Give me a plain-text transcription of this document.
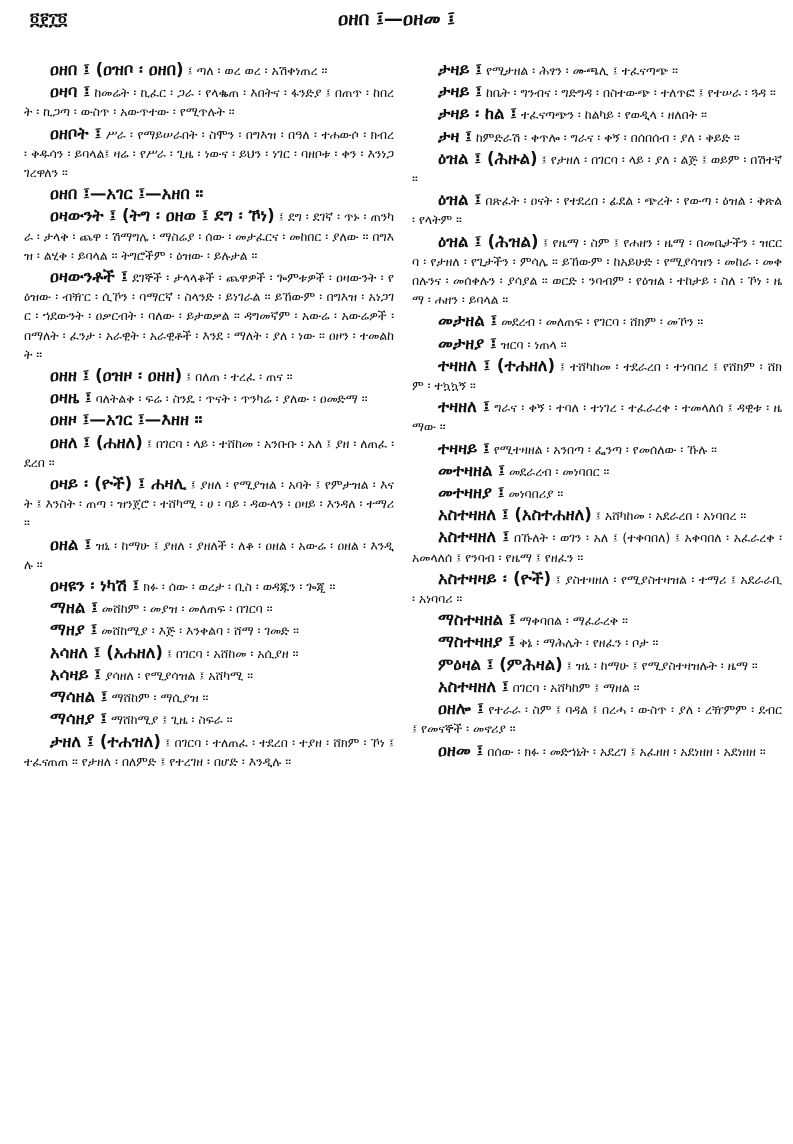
፬፻፲፬	ዐዘበ ፤—ዐዘመ ፤
ዐዘበ ፤ (ዐዝቦ ፡ ዐዘበ) ፤ ጣለ ፡ ወረ ወረ ፡ አሽቀነጠረ ።
ዐዛባ ፤ ከመሬት ፡ ኪፈር ፡ ጋራ ፡ የላቈጠ ፡ እበትና ፡ ፋንድያ ፤ በጠጥ ፡ ከበረት ፡ ኪጋጣ ፡ ውስጥ ፡ አውጥተው ፡ የሚጥሉት ።
ዐዘቦት ፤ ሥራ ፡ የማይሠራበት ፡ ስሞን ፡ በግእዝ ፡ በዓለ ፡ ተሐውሶ ፡ ክብረ ፡ ቅዱሳን ፡ ይባላል፤ ዛሬ ፡ የሥራ ፡ ጊዜ ፡ ነውና ፡ ይህን ፡ ነገር ፡ ባዘቦቱ ፡ ቀን ፡ እንነጋገረዋለን ።
ዐዘበ ፤—አገር ፤—አዘበ ።
ዐዛውንት ፤ (ትግ ፡ ዐዘወ ፤ ደግ ፡ ኾነ) ፤ ደግ ፡ ደገኛ ፡ ጥኑ ፡ ጠንካራ ፡ ታላቅ ፡ ጨዋ ፡ ሽማግሌ ፡ ማስሬያ ፡ ሰው ፡ መታፈርና ፡ መከበር ፡ ያለው ። በግእዝ ፡ ልሂቅ ፡ ይባላል ። ትግሮችም ፡ ዕዝው ፡ ይሉታል ።
ዐዛውንቶች ፤ ደገኞች ፡ ታላላቆች ፡ ጨዋዎች ፡ ጐምቱዎች ፡ ዐዛውንት ፡ የዕዝው ፡ ብዥር ፡ ሲኾን ፡ ባማርኛ ፡ ስላንድ ፡ ይነገራል ። ይኸውም ፡ በግእዝ ፡ አነጋገር ፡ ኀደውንት ፡ ዐቃርብት ፡ ባለው ፡ ይታወቃል ። ዳግመኛም ፡ አውሬ ፡ አውሬዎች ፡ በማለት ፡ ፈንታ ፡ አራዊት ፡ አራዊቶች ፡ እንደ ፡ ማለት ፡ ያለ ፡ ነው ። ዐዞን ፡ ተመልከት ።
ዐዘዘ ፤ (ዐዝዞ ፡ ዐዘዘ) ፤ በለጠ ፡ ተረፈ ፡ ጠና ።
ዐዛዜ ፤ ባለትልቅ ፡ ፍሬ ፡ ስንዴ ፡ ጥናት ፡ ጥንካሬ ፡ ያለው ፡ ዐመድማ ።
ዐዘዞ ፤—አገር ፤—እዘዘ ።
ዐዘለ ፤ (ሐዘለ) ፤ በገርባ ፡ ላይ ፡ ተሸከመ ፡ አንቡቡ ፡ አለ ፤ ያዘ ፡ ለጠፈ ፡ ደረበ ።
ዐዛይ ፡ (ዮች) ፤ ሐዛሊ ፤ ያዘለ ፡ የሚያዝል ፡ አባት ፤ የምታዝል ፡ እናት ፤ እንስት ፡ ጠጣ ፡ ዝንጀሮ ፡ ተሸካሚ ፡ ሀ ፡ ባይ ፡ ዳውላን ፡ ዐዛይ ፡ እንዳለ ፡ ተማሪ ።
ዐዘል ፤ ዝኒ ፡ ከማሁ ፤ ያዘለ ፡ ያዘለች ፡ ለቆ ፡ ዐዘል ፡ አውሬ ፡ ዐዘል ፡ እንዲሉ ።
ዐዛዩን ፡ ነካሽ ፤ ክፉ ፡ ሰው ፡ ወረታ ፡ ቢስ ፡ ወዳጁን ፡ ጐጂ ።
ማዘል ፤ መሸከም ፡ መያዝ ፡ መለጠፍ ፡ በገርባ ።
ማዘያ ፤ መሸከሚያ ፡ እጅ ፡ እንቀልባ ፡ ሸማ ፡ ገመድ ።
አሳዘለ ፤ (አሐዘለ) ፤ በገርባ ፡ አሸከመ ፡ አሲያዘ ።
አሳዛይ ፤ ያሳዘለ ፡ የሚያሳዝል ፤ አሸካሚ ።
ማሳዘል ፤ ማሸከም ፡ ማሲያዝ ።
ማሳዘያ ፤ ማሸከሚያ ፤ ጊዜ ፡ ስፍራ ።
ታዘለ ፤ (ተሐዝለ) ፤ በገርባ ፡ ተለጠፈ ፡ ተደረበ ፡ ተያዘ ፡ ሸክም ፡ ኾነ ፤ ተፈናጠጠ ። የታዘለ ፡ በለምድ ፤ የተረገዘ ፡ በሆድ ፡ እንዲሉ ።
ታዛይ ፤ የሚታዘል ፡ ሕፃን ፡ ሙጫሊ ፤ ተፈናጣጭ ።
ታዛይ ፤ ከቤት ፡ ግንብና ፡ ግድግዳ ፡ በስተውጭ ፡ ተለጥፎ ፤ የተሠራ ፡ ጓዳ ።
ታዛይ ፡ ከል ፤ ተፈናጣጭን ፡ ከልካይ ፡ የወዲላ ፡ ዘለበት ።
ታዛ ፤ ከምድራሽ ፡ ቀጥሎ ፡ ግራና ፡ ቀኝ ፡ በሰበሰብ ፡ ያለ ፡ ቅይድ ።
ዕዝል ፤ (ሕዙል) ፤ የታዘለ ፡ በገርባ ፡ ላይ ፡ ያለ ፡ ልጅ ፤ ወይም ፡ በሽተኛ ።
ዕዝል ፤ በጽፈት ፡ ዐናት ፡ የተደረበ ፡ ፊደል ፡ ጭረት ፡ የውጣ ፡ ዕዝል ፡ ቅጽል ፡ የላትም ።
ዕዝል ፤ (ሕዝል) ፤ የዜማ ፡ ስም ፤ የሐዘን ፡ ዜማ ፡ በመቤታችን ፡ ዝርርባ ፡ የታዘለ ፡ የጊታችን ፡ ምሳሌ ። ይኸውም ፡ ከአይሁድ ፡ የሚያሳዝን ፡ መከራ ፡ መቀበሉንና ፡ መሰቀሉን ፡ ያሳያል ። ወርድ ፡ ንባብም ፡ የዕዝል ፡ ተከታይ ፡ ስለ ፡ ኾነ ፡ ዜማ ፡ ሐዘን ፡ ይባላል ።
መታዘል ፤ መደረብ ፡ መለጠፍ ፡ የገርባ ፡ ሸክም ፡ መኾን ።
መታዘያ ፤ ዝርባ ፡ ነጠላ ።
ተዛዘለ ፤ (ተሐዘለ) ፤ ተሸካከመ ፡ ተደራረበ ፡ ተነባበረ ፤ የሸክም ፡ ሸክም ፡ ተኳኳኝ ።
ተዛዘለ ፤ ግራና ፡ ቀኝ ፡ ተባለ ፡ ተነገረ ፡ ተፈራረቀ ፡ ተመላለሰ ፤ ዳዊቱ ፡ ዜማው ።
ተዛዛይ ፤ የሚተዛዘል ፡ አንበጣ ፡ ፌንጣ ፡ የመሰለው ፡ ኹሉ ።
መተዛዘል ፤ መደራረብ ፡ መነባበር ።
መተዛዘያ ፤ መነባበሪያ ።
አስተዛዘለ ፤ (አስተሐዘለ) ፤ አሸካከመ ፡ አደራረበ ፡ አነባበረ ።
አስተዛዘለ ፤ በኹለት ፡ ወገን ፡ አለ ፤ (ተቀባበለ) ፤ አቀባበለ ፡ አፈራረቀ ፡ አመላለሰ ፤ የንባብ ፡ የዜማ ፤ የዘፈን ።
አስተዛዛይ ፡ (ዮች) ፤ ያስተዛዘለ ፡ የሚያስተዛዝል ፡ ተማሪ ፤ አደራራቢ ፡ አነባባሪ ።
ማስተዛዘል ፤ ማቀባበል ፡ ማፈራረቅ ።
ማስተዛዘያ ፤ ቅኔ ፡ ማሕሌት ፡ የዘፈን ፡ ቦታ ።
ምዕዛል ፤ (ምሕዛል) ፤ ዝኒ ፡ ከማሁ ፤ የሚያስተዛዝሉት ፡ ዜማ ።
አስተዛዘለ ፤ በገርባ ፡ አሸካከም ፤ ማዘል ።
ዐዘሎ ፤ የተራራ ፡ ስም ፤ ባዳል ፤ በረሓ ፡ ውስጥ ፡ ያለ ፡ ረዥምም ፡ ደብር ፤ የመናኞች ፡ መኖሪያ ።
ዐዘመ ፤ በሰው ፡ ክፉ ፡ መድኀኒት ፡ አደረገ ፤ አፈዘዘ ፡ አደነዘዘ ፡ አደነዘዘ ።
